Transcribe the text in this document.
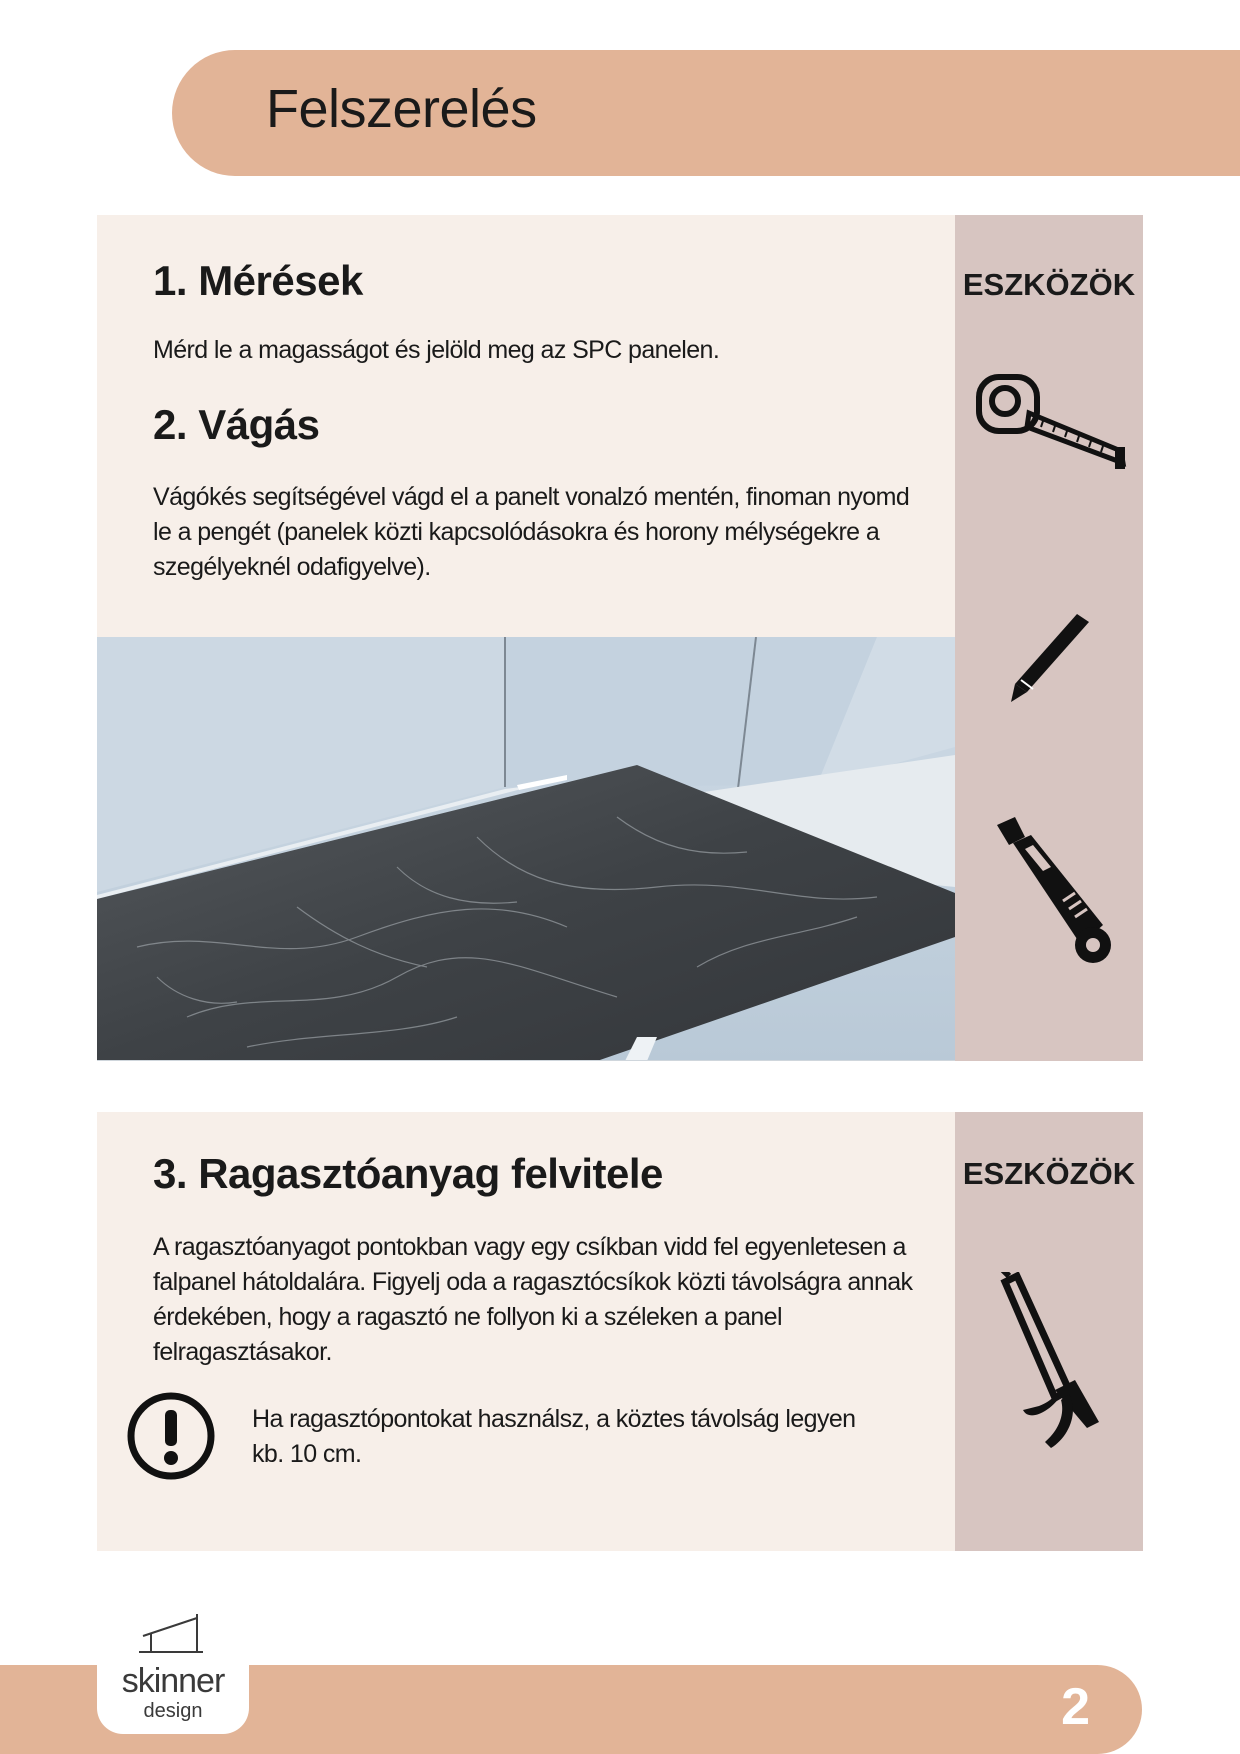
Felszerelés
1. Mérések

Mérd le a magasságot és jelöld meg az SPC panelen.

2. Vágás

Vágókés segítségével vágd el a panelt vonalzó mentén, finoman nyomd le a pengét (panelek közti kapcsolódásokra és horony mélységekre a szegélyeknél odafigyelve).

ESZKÖZÖK
3. Ragasztóanyag felvitele

A ragasztóanyagot pontokban vagy egy csíkban vidd fel egyenletesen a falpanel hátoldalára. Figyelj oda a ragasztócsíkok közti távolságra annak érdekében, hogy a ragasztó ne follyon ki a széleken a panel felragasztásakor.

Ha ragasztópontokat használsz, a köztes távolság legyen kb. 10 cm.

ESZKÖZÖK
2
skinner
design
